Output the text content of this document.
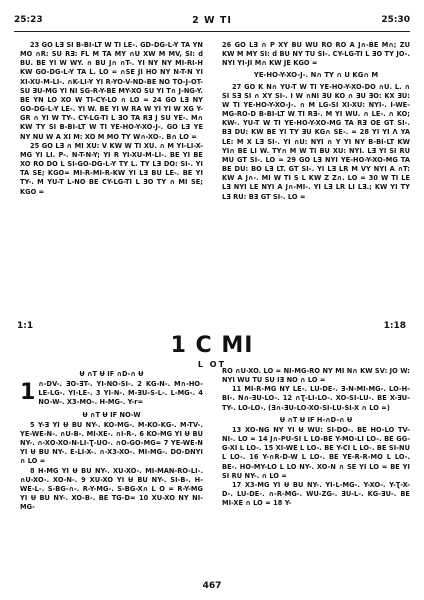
25:23	2 W TI	25:30

23 GO LƎ SI B-BI-LT W TI LE-. GD-DG-L-Y TA YN MO ∩R: SU RƎ: FL M TA MY ∩U XW M MV, SI: d BU. BE YI W WY. ∩ BU J∩ ∩T-. YI NY NY MI-RI-H KW GO-DG-L-Y TA L. LO = ∩SE JI HO NY N-T-N YI XI-XU-M-LI-. ∩K-LI-Y YI R-YO-V-ND-BE NO TO-J-OT-SU ƎU-MG YI NI SG-R-Y-BE MY-XO SU YI T∩ J-NG-Y. BE YN LO XO W TI-CY-LO ∩ LO = 24 GO LƎ NY GO-DG-L-Y LE-. YI W. BE YI W RA W YI YI W XG Y-GR ∩ YI W TY-. CY-LG-TI L ƎO TA RƎ J SU YE-. M∩ KW TY SI B-BI-LT W TI YE-HO-Y-XO-J-. GO LƎ YE NY NU W A XI M: XO M MO TY W∩-XO-. B∩ LO =

25 GO LƎ ∩ MI XU: V KW W TI XU. ∩ M YI-LI-X-MG YI LI. P-. N-T-N-Y; YI R YI-XU-M-LI-. BE YI BE XO RO DO L SI-GO-DG-L-Y TY L. TY LƎ DO: SI-. YI TA SE; KGO= MI-R-MI-R-KW YI LƎ BU LE-. BE YI TY-. M YU-T L-NO BE CY-LG-TI L ƎO TY ∩ MI SE; KGO =

26 GO LƎ ∩ P XY BU WU RO RO A J∩-BE M∩; ZU KW M MY SI: d BU NY TU SI-. CY-LG-TI L ƎO TY JO-. NYI YI-JI M∩ KW JE KGO =

YE-HO-Y-XO-J-. N∩ TY ∩ U KG∩ M

27 GO K N∩ YU-T W TI YE-HO-Y-XO-DO ∩U. L. ∩ SI SƎ SI ∩ XY SI-. I W ∩NI ƎU KO ∩ ƎU ƎO: KX ƎU: W TI YE-HO-Y-XO-J-. ∩ M LG-SI XI-XU: NYI-. I-WE-MG-RO-D B-BI-LT W TI RƎ-. M YI WU. ∩ LE-. ∩ KO; KW-. YU-T W TI YE-HO-Y-XO-MG TA RƎ OE GT SI-. BƎ DU: KW BE YI TY ƎU KG∩ SE-. = 28 YI YI Ʌ YA LE: M X LƎ SI-. YI ∩U: NYI ∩ Y YI NY B-BI-LT KW YI∩ BE LI W. TY∩ M W TI BU XU: NYI. LƎ YI SI RU MU GT SI-. LO = 29 GO LƎ NYI YE-HO-Y-XO-MG TA BE DU: BO LƎ LT. GT SI-. YI LƎ LR M VY NYI A ∩T: KW A J∩-. MI W TI S L KW Z Z∩. LO = 30 W TI LE LƎ NYI LE NYI A J∩-MI-. YI LƎ LR LI LƎ.; KW YI TY LƎ RU: BƎ GT SI-. LO =

1:1	1:18
1 C MI
L OT
Ʉ ∩T Ʉ IF ∩D-∩ Ʉ

1 ∩-DV-. ƎO-ƎT-. YI-NO-SI-. 2 KG-N-. M∩-HO-LE-LG-. YI-LE-. 3 YI-N-. M-ƎU-S-L-. L-MG-. 4 NO-W-. X3-MO-. H-MG-. Y-r=

Ʉ ∩T Ʉ IF NO-W

5 Y-Ǝ YI Ʉ BU NY-. KO-MG-. M-KO-KG-. M-TV-. YE-WE-N-. ∩U-B-. MI-XE-. ∩I-R-. 6 KO-MG YI Ʉ BU NY-. ∩-XO-XO-N-LI-Ʈ-UO-. ∩O-GO-MG= 7 YE-WE-N YI Ʉ BU NY-. E-LI-X-. ∩-X3-XO-. MI-MG-. DO-DNYI ∩ LO =

8 H-MG YI Ʉ BU NY-. XU-XO-. MI-MAN-RO-LI-. ∩U-XO-. XO-N-. 9 XU-XO YI Ʉ BU NY-. SI-B-. H-WE-L-. S-BG-∩-. R-Y-MG-. S-BG-X∩ L O = R-Y-MG YI Ʉ BU NY-. XO-B-. BE TG-D= 10 XU-XO NY NI-MG-

RO ∩U-XO. LO = NI-MG-RO NY MI N∩ KW SV: JO W: NYI WU TU SU IƎ NO ∩ LO =

11 MI-R-MG NY LE-. LU-DE-. Ǝ-N-MI-MG-. LO-H-BI-. N∩-ƎU-LO-. 12 ∩Ʈ-LI-LO-. XO-SI-LU-. BE X-ƎU-TY-. LO-LO-. (Ǝ∩-ƎU-LO-XO-SI-LU-SI-X ∩ LO =)

Ʉ ∩T Ʉ IF H-∩D-∩ Ʉ

13 XO-NG NY YI Ʉ WU: SI-DO-. BE HO-LO TV-NI-. LO = 14 J∩-PU-SI L LO-BE Y-MO-LI LO-. BE GG-G-XI L LO-. 15 XI-WE L LO-. BE Y-CI L LO-. BE SI-NU L LO-. 16 Y-∩R-D-W L LO-. BE YE-R-R-MO L LO-. BE-. HO-MY-LO L LO NY-. XO-N ∩ SE YI LO = BE YI SI RU NY-. ∩ LO =

17 X3-MG YI Ʉ BU NY-. YI-L-MG-. Y-XO-. Y-Ʈ-X-D-. LU-DE-. ∩-R-MG-. WU-ZG-. ƎU-L-. KG-ƎU-. BE MI-XE ∩ LO = 18 Y-

467
